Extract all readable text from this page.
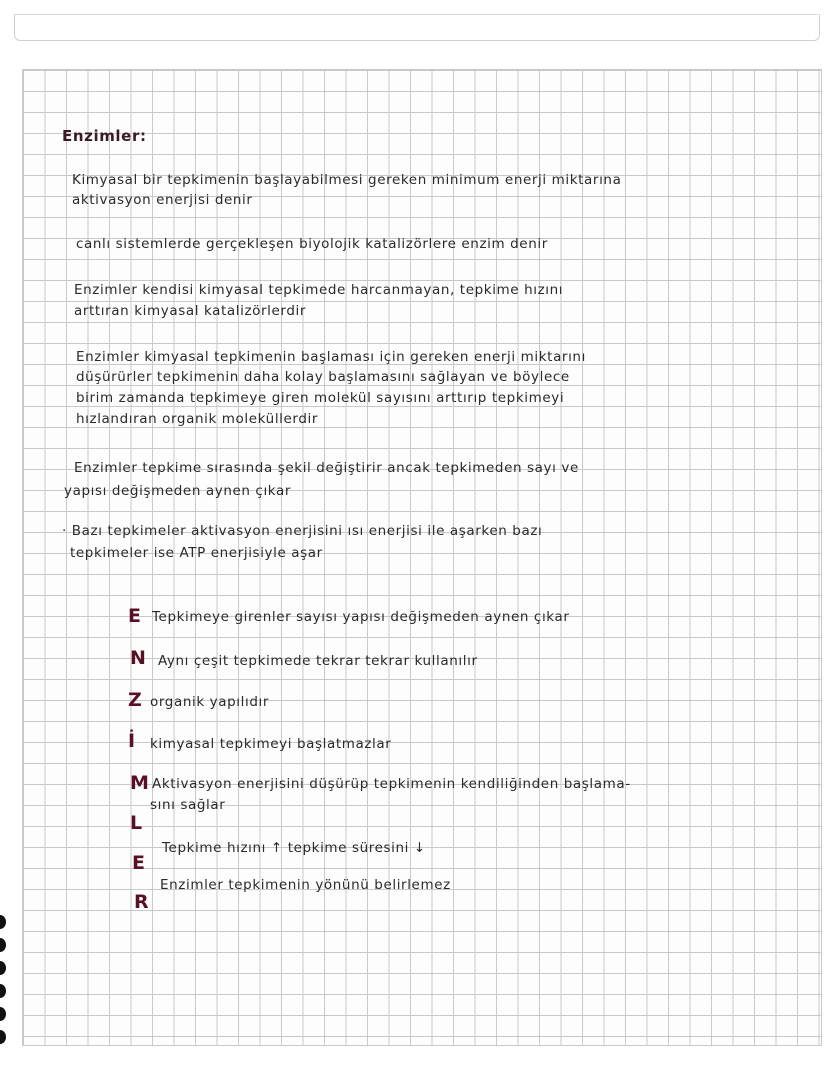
Enzimler:
Kimyasal bir tepkimenin başlayabilmesi gereken minimum enerji miktarına
aktivasyon enerjisi denir
canlı sistemlerde gerçekleşen biyolojik katalizörlere enzim denir
Enzimler kendisi kimyasal tepkimede harcanmayan, tepkime hızını
arttıran kimyasal katalizörlerdir
Enzimler kimyasal tepkimenin başlaması için gereken enerji miktarını
düşürürler tepkimenin daha kolay başlamasını sağlayan ve böylece
birim zamanda tepkimeye giren molekül sayısını arttırıp tepkimeyi
hızlandıran organik moleküllerdir
Enzimler tepkime sırasında şekil değiştirir ancak tepkimeden sayı ve
yapısı değişmeden aynen çıkar
· Bazı tepkimeler aktivasyon enerjisini ısı enerjisi ile aşarken bazı
tepkimeler ise ATP enerjisiyle aşar
E Tepkimeye girenler sayısı yapısı değişmeden aynen çıkar
N Aynı çeşit tepkimede tekrar tekrar kullanılır
Z organik yapılıdır
İ kimyasal tepkimeyi başlatmazlar
M Aktivasyon enerjisini düşürüp tepkimenin kendiliğinden başlama-
sını sağlar
L
Tepkime hızını ↑ tepkime süresini ↓
E
R
Enzimler tepkimenin yönünü belirlemez
